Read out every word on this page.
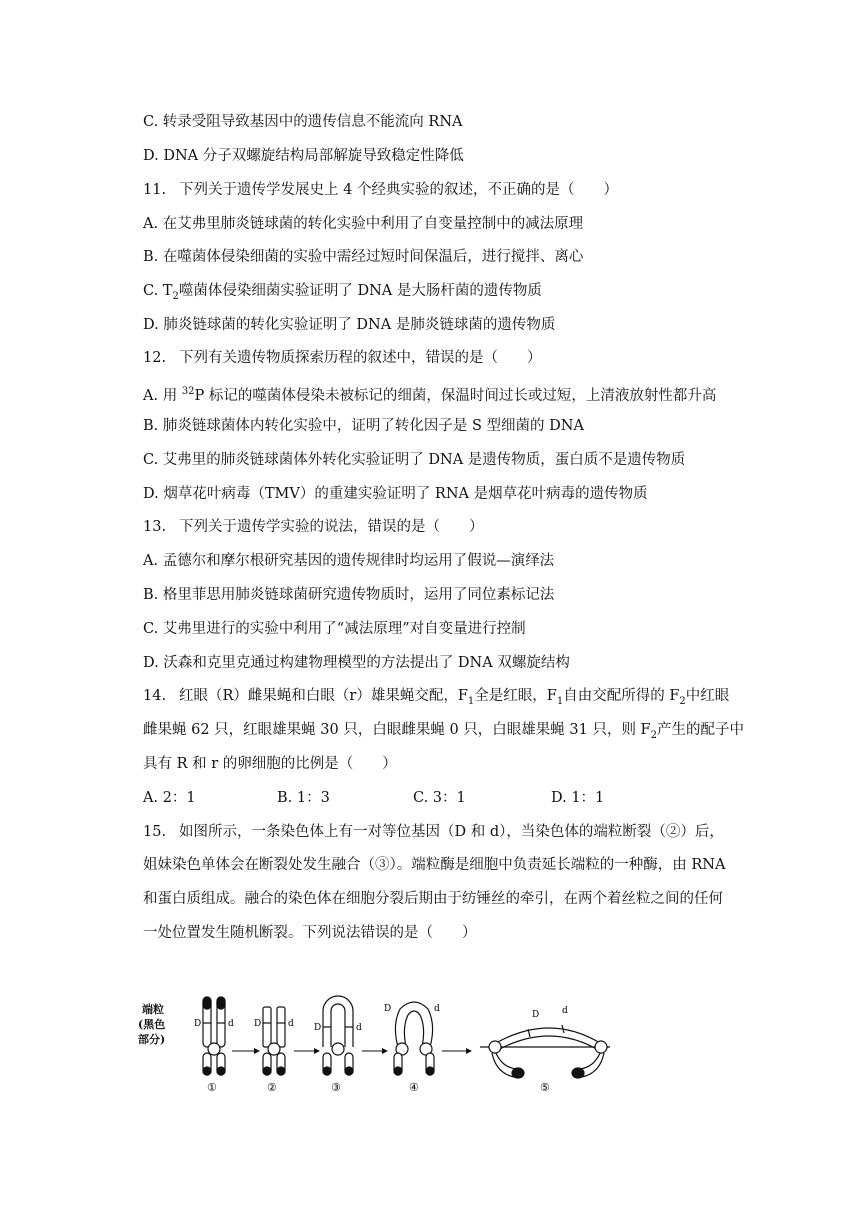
C. 转录受阻导致基因中的遗传信息不能流向 RNA
D. DNA 分子双螺旋结构局部解旋导致稳定性降低
11. 下列关于遗传学发展史上 4 个经典实验的叙述，不正确的是（　　）
A. 在艾弗里肺炎链球菌的转化实验中利用了自变量控制中的减法原理
B. 在噬菌体侵染细菌的实验中需经过短时间保温后，进行搅拌、离心
C. $T_2$噬菌体侵染细菌实验证明了 DNA 是大肠杆菌的遗传物质
D. 肺炎链球菌的转化实验证明了 DNA 是肺炎链球菌的遗传物质
12. 下列有关遗传物质探索历程的叙述中，错误的是（　　）
A. 用 $^{32}$P 标记的噬菌体侵染未被标记的细菌，保温时间过长或过短，上清液放射性都升高
B. 肺炎链球菌体内转化实验中，证明了转化因子是 S 型细菌的 DNA
C. 艾弗里的肺炎链球菌体外转化实验证明了 DNA 是遗传物质，蛋白质不是遗传物质
D. 烟草花叶病毒（TMV）的重建实验证明了 RNA 是烟草花叶病毒的遗传物质
13. 下列关于遗传学实验的说法，错误的是（　　）
A. 孟德尔和摩尔根研究基因的遗传规律时均运用了假说—演绎法
B. 格里菲思用肺炎链球菌研究遗传物质时，运用了同位素标记法
C. 艾弗里进行的实验中利用了“减法原理”对自变量进行控制
D. 沃森和克里克通过构建物理模型的方法提出了 DNA 双螺旋结构
14. 红眼（R）雌果蝇和白眼（r）雄果蝇交配，$F_1$全是红眼，$F_1$自由交配所得的 $F_2$中红眼
雌果蝇 62 只，红眼雄果蝇 30 只，白眼雌果蝇 0 只，白眼雄果蝇 31 只，则 $F_2$产生的配子中
具有 R 和 r 的卵细胞的比例是（　　）
A. 2：1	B. 1：3	C. 3：1	D. 1：1
15. 如图所示，一条染色体上有一对等位基因（D 和 d），当染色体的端粒断裂（②）后，
姐妹染色单体会在断裂处发生融合（③）。端粒酶是细胞中负责延长端粒的一种酶，由 RNA
和蛋白质组成。融合的染色体在细胞分裂后期由于纺锤丝的牵引，在两个着丝粒之间的任何
一处位置发生随机断裂。下列说法错误的是（　　）
端粒
(黑色
部分)
D	d
①
D	d
②
D	d
③
D	d
④
D	d
⑤
